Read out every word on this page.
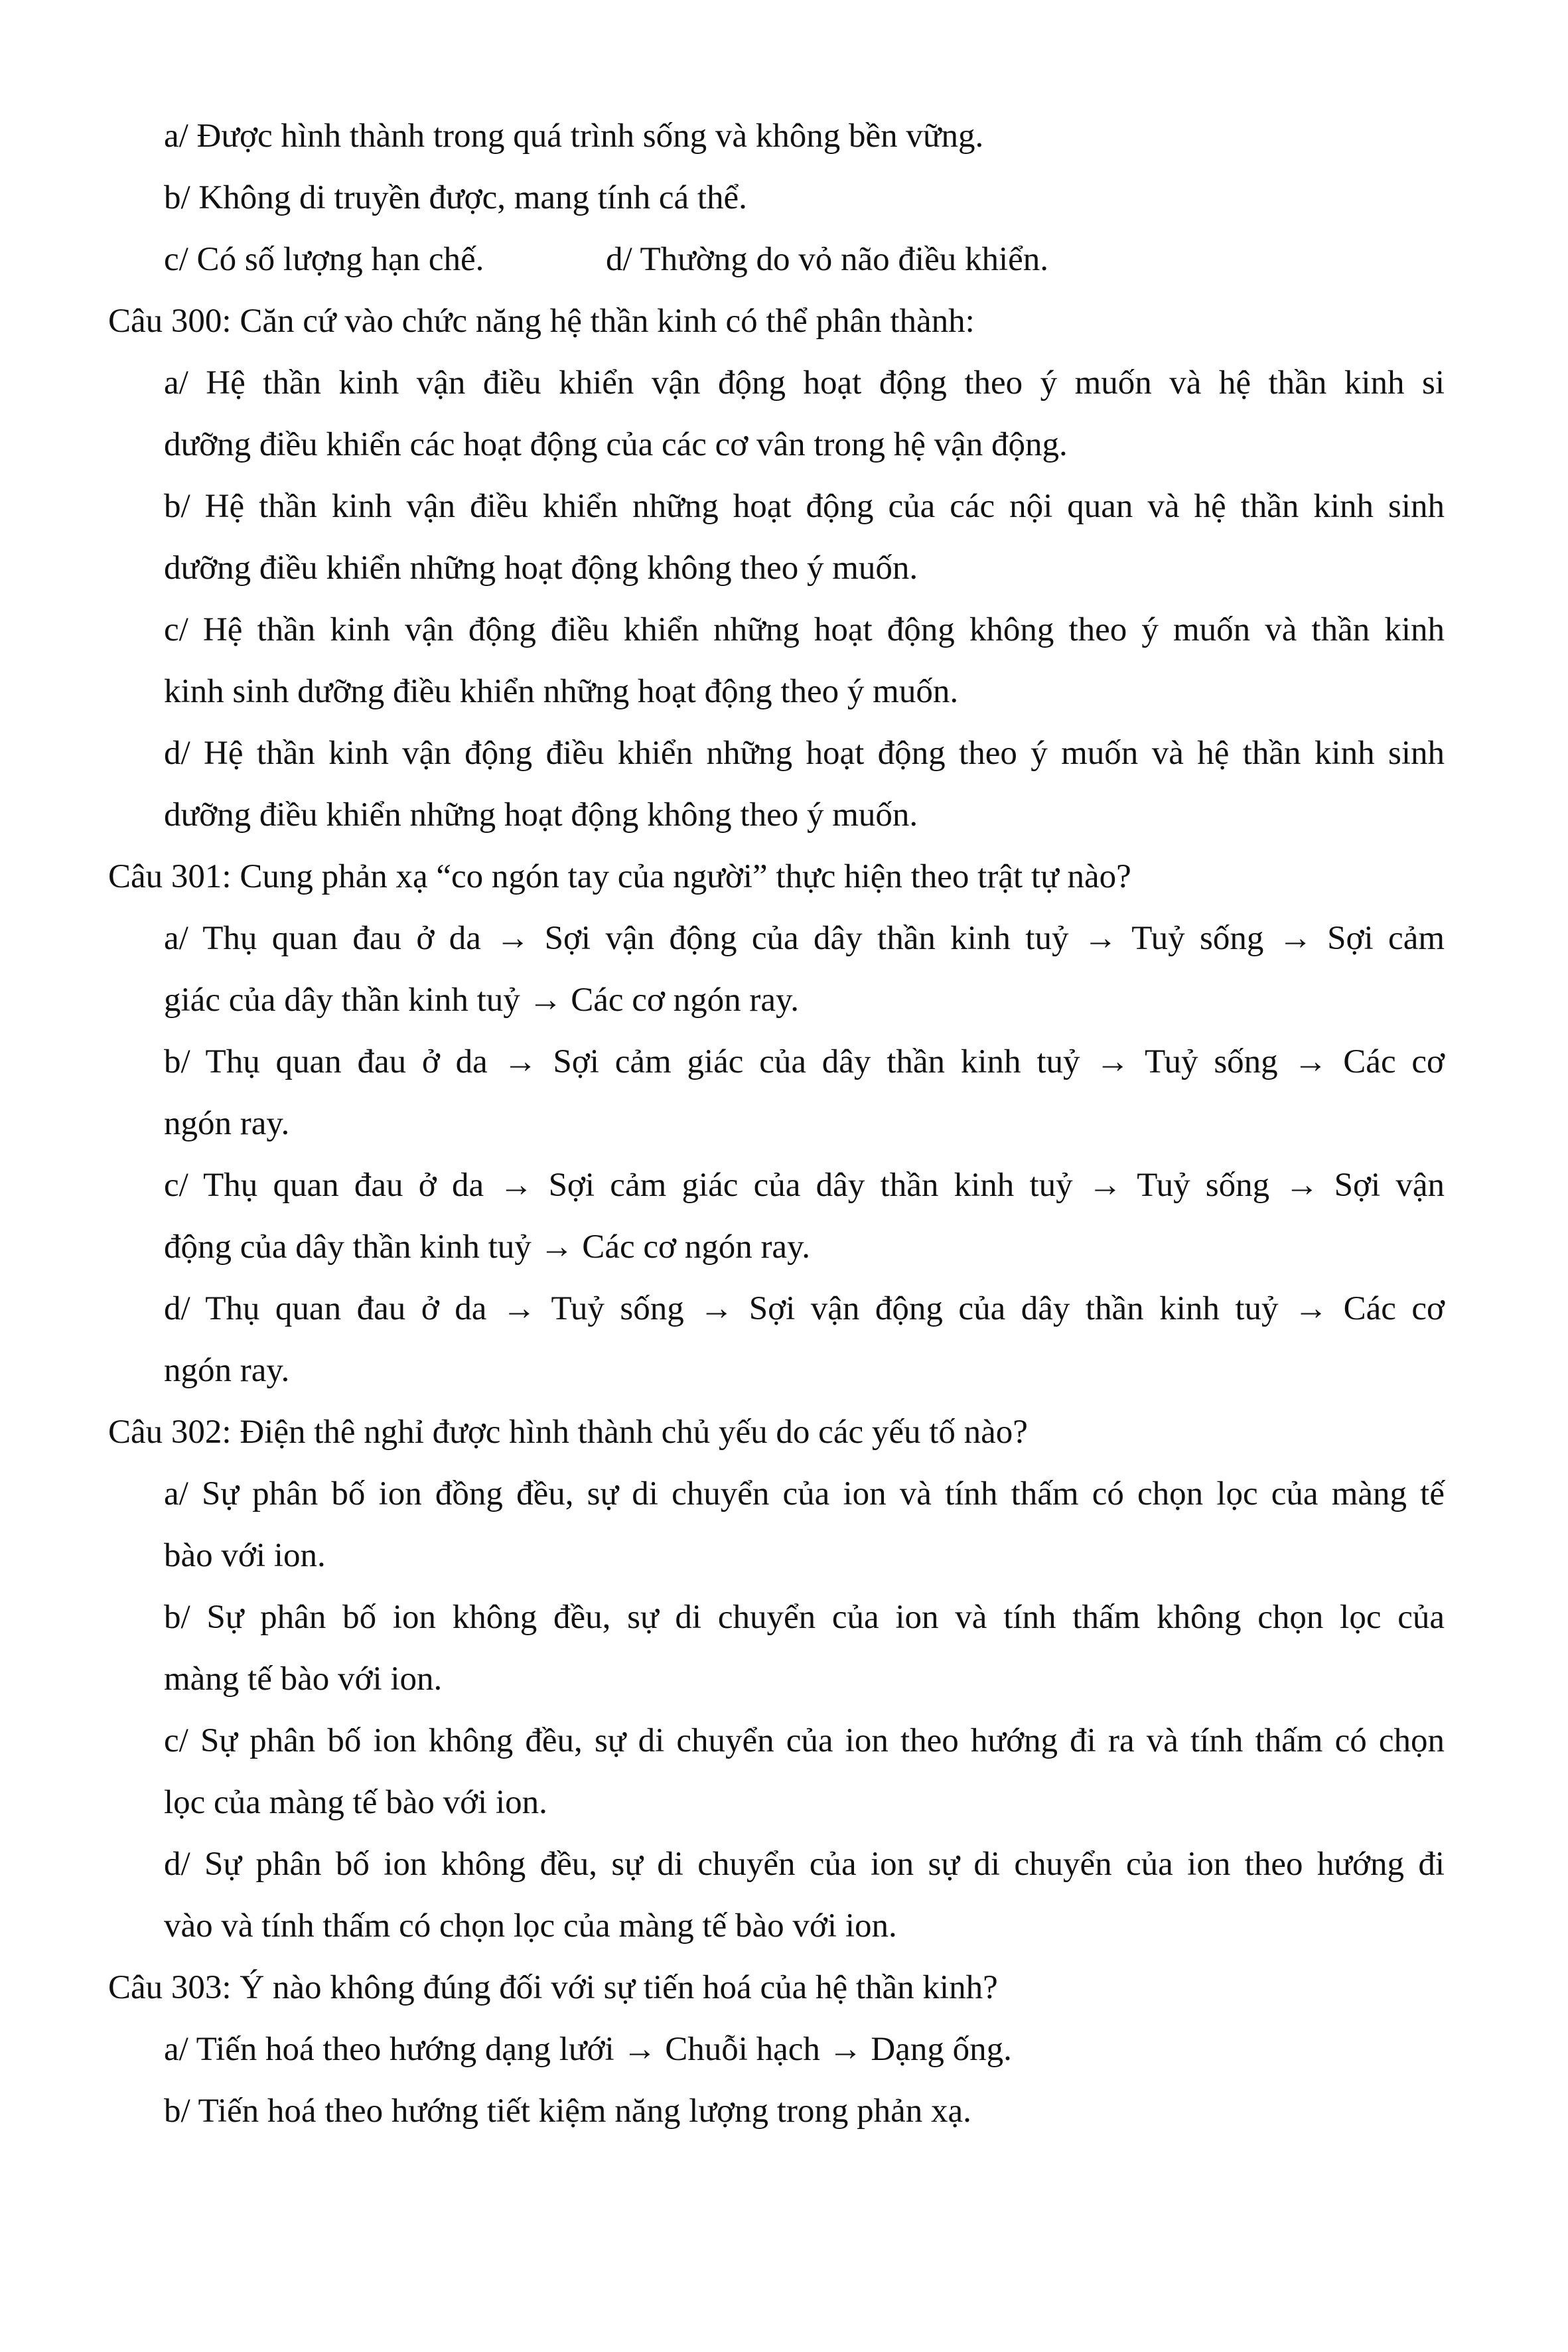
a/ Được hình thành trong quá trình sống và không bền vững.

b/ Không di truyền được, mang tính cá thể.

c/ Có số lượng hạn chế.	d/ Thường do vỏ não điều khiển.

Câu 300: Căn cứ vào chức năng hệ thần kinh có thể phân thành:

a/ Hệ thần kinh vận điều khiển vận động hoạt động theo ý muốn và hệ thần kinh si

dưỡng điều khiển các hoạt động của các cơ vân trong hệ vận động.

b/ Hệ thần kinh vận điều khiển những hoạt động của các nội quan và hệ thần kinh sinh

dưỡng điều khiển những hoạt động không theo ý muốn.

c/ Hệ thần kinh vận động điều khiển những hoạt động không theo ý muốn và thần kinh

kinh sinh dưỡng điều khiển những hoạt động theo ý muốn.

d/ Hệ thần kinh vận động điều khiển những hoạt động theo ý muốn và hệ thần kinh sinh

dưỡng điều khiển những hoạt động không theo ý muốn.

Câu 301: Cung phản xạ “co ngón tay của người” thực hiện theo trật tự nào?

a/ Thụ quan đau ở da → Sợi vận động của dây thần kinh tuỷ → Tuỷ sống → Sợi cảm

giác của dây thần kinh tuỷ → Các cơ ngón ray.

b/ Thụ quan đau ở da → Sợi cảm giác của dây thần kinh tuỷ → Tuỷ sống → Các cơ

ngón ray.

c/ Thụ quan đau ở da → Sợi cảm giác của dây thần kinh tuỷ → Tuỷ sống → Sợi vận

động của dây thần kinh tuỷ → Các cơ ngón ray.

d/ Thụ quan đau ở da → Tuỷ sống → Sợi vận động của dây thần kinh tuỷ → Các cơ

ngón ray.

Câu 302: Điện thê nghỉ được hình thành chủ yếu do các yếu tố nào?

a/ Sự phân bố ion đồng đều, sự di chuyển của ion và tính thấm có chọn lọc của màng tế

bào với ion.

b/ Sự phân bố ion không đều, sự di chuyển của ion và tính thấm không chọn lọc của

màng tế bào với ion.

c/ Sự phân bố ion không đều, sự di chuyển của ion theo hướng đi ra và tính thấm có chọn

lọc của màng tế bào với ion.

d/ Sự phân bố ion không đều, sự di chuyển của ion sự di chuyển của ion theo hướng đi

vào và tính thấm có chọn lọc của màng tế bào với ion.

Câu 303: Ý nào không đúng đối với sự tiến hoá của hệ thần kinh?

a/ Tiến hoá theo hướng dạng lưới → Chuỗi hạch → Dạng ống.

b/ Tiến hoá theo hướng tiết kiệm năng lượng trong phản xạ.
